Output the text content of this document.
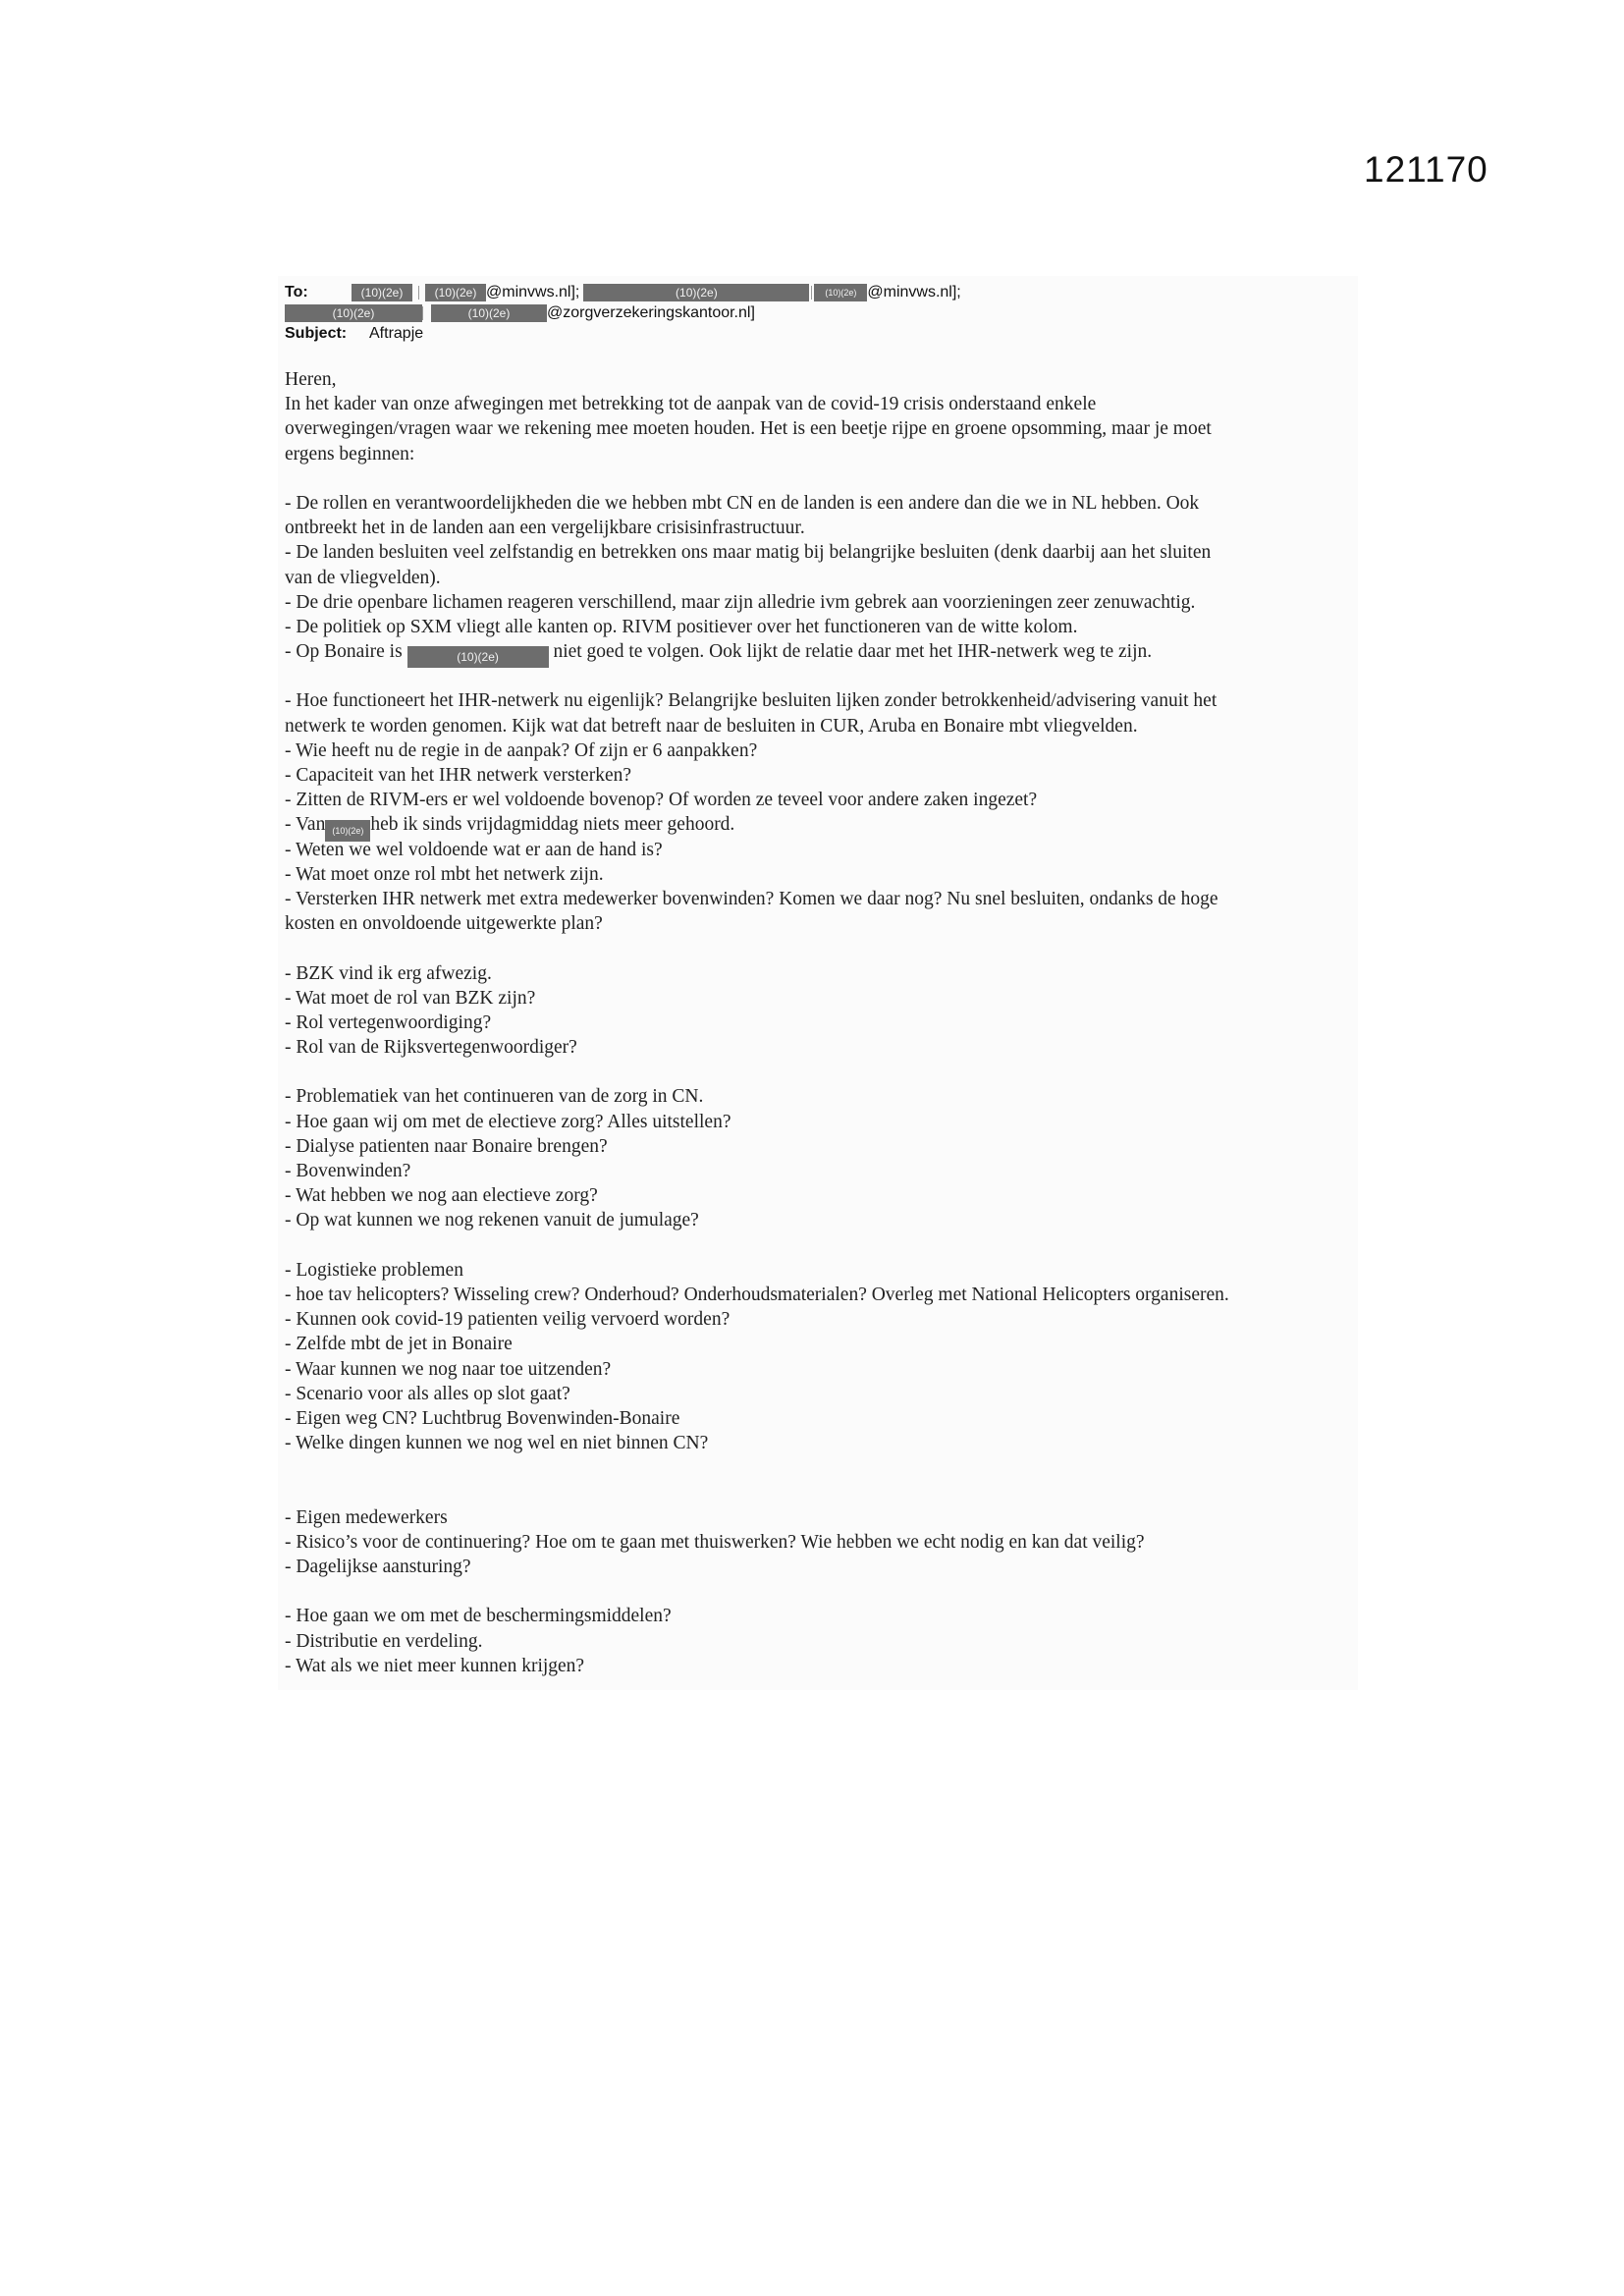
121170
To:	(10)(2e)	(10)(2e) @minvws.nl];	(10)(2e)	(10)(2e) @minvws.nl];
(10)(2e)	(10)(2e)	@zorgverzekeringskantoor.nl]
Subject:	Aftrapje
Heren,
In het kader van onze afwegingen met betrekking tot de aanpak van de covid-19 crisis onderstaand enkele
overwegingen/vragen waar we rekening mee moeten houden. Het is een beetje rijpe en groene opsomming, maar je moet
ergens beginnen:
- De rollen en verantwoordelijkheden die we hebben mbt CN en de landen is een andere dan die we in NL hebben. Ook
ontbreekt het in de landen aan een vergelijkbare crisisinfrastructuur.
- De landen besluiten veel zelfstandig en betrekken ons maar matig bij belangrijke besluiten (denk daarbij aan het sluiten
van de vliegvelden).
- De drie openbare lichamen reageren verschillend, maar zijn alledrie ivm gebrek aan voorzieningen zeer zenuwachtig.
- De politiek op SXM vliegt alle kanten op. RIVM positiever over het functioneren van de witte kolom.
- Op Bonaire is	(10)(2e)	niet goed te volgen. Ook lijkt de relatie daar met het IHR-netwerk weg te zijn.
- Hoe functioneert het IHR-netwerk nu eigenlijk? Belangrijke besluiten lijken zonder betrokkenheid/advisering vanuit het
netwerk te worden genomen. Kijk wat dat betreft naar de besluiten in CUR, Aruba en Bonaire mbt vliegvelden.
- Wie heeft nu de regie in de aanpak? Of zijn er 6 aanpakken?
- Capaciteit van het IHR netwerk versterken?
- Zitten de RIVM-ers er wel voldoende bovenop? Of worden ze teveel voor andere zaken ingezet?
- Van (10)(2e) heb ik sinds vrijdagmiddag niets meer gehoord.
- Weten we wel voldoende wat er aan de hand is?
- Wat moet onze rol mbt het netwerk zijn.
- Versterken IHR netwerk met extra medewerker bovenwinden? Komen we daar nog? Nu snel besluiten, ondanks de hoge
kosten en onvoldoende uitgewerkte plan?
- BZK vind ik erg afwezig.
- Wat moet de rol van BZK zijn?
- Rol vertegenwoordiging?
- Rol van de Rijksvertegenwoordiger?
- Problematiek van het continueren van de zorg in CN.
- Hoe gaan wij om met de electieve zorg? Alles uitstellen?
- Dialyse patienten naar Bonaire brengen?
- Bovenwinden?
- Wat hebben we nog aan electieve zorg?
- Op wat kunnen we nog rekenen vanuit de jumulage?
- Logistieke problemen
- hoe tav helicopters? Wisseling crew? Onderhoud? Onderhoudsmaterialen? Overleg met National Helicopters organiseren.
- Kunnen ook covid-19 patienten veilig vervoerd worden?
- Zelfde mbt de jet in Bonaire
- Waar kunnen we nog naar toe uitzenden?
- Scenario voor als alles op slot gaat?
- Eigen weg CN? Luchtbrug Bovenwinden-Bonaire
- Welke dingen kunnen we nog wel en niet binnen CN?
- Eigen medewerkers
- Risico’s voor de continuering? Hoe om te gaan met thuiswerken? Wie hebben we echt nodig en kan dat veilig?
- Dagelijkse aansturing?
- Hoe gaan we om met de beschermingsmiddelen?
- Distributie en verdeling.
- Wat als we niet meer kunnen krijgen?
